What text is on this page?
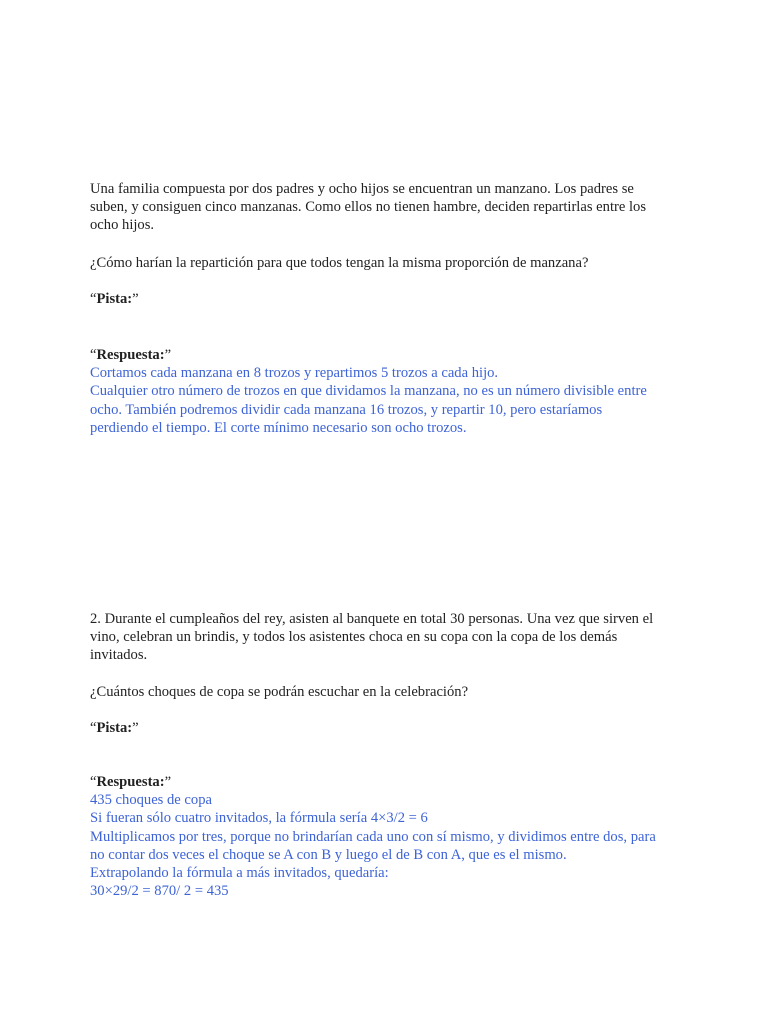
Una familia compuesta por dos padres y ocho hijos se encuentran un manzano. Los padres se
suben, y consiguen cinco manzanas. Como ellos no tienen hambre, deciden repartirlas entre los
ocho hijos.
¿Cómo harían la repartición para que todos tengan la misma proporción de manzana?
“Pista:”
“Respuesta:”
Cortamos cada manzana en 8 trozos y repartimos 5 trozos a cada hijo.
Cualquier otro número de trozos en que dividamos la manzana, no es un número divisible entre
ocho. También podremos dividir cada manzana 16 trozos, y repartir 10, pero estaríamos
perdiendo el tiempo. El corte mínimo necesario son ocho trozos.
2. Durante el cumpleaños del rey, asisten al banquete en total 30 personas. Una vez que sirven el
vino, celebran un brindis, y todos los asistentes choca en su copa con la copa de los demás
invitados.
¿Cuántos choques de copa se podrán escuchar en la celebración?
“Pista:”
“Respuesta:”
435 choques de copa
Si fueran sólo cuatro invitados, la fórmula sería 4×3/2 = 6
Multiplicamos por tres, porque no brindarían cada uno con sí mismo, y dividimos entre dos, para
no contar dos veces el choque se A con B y luego el de B con A, que es el mismo.
Extrapolando la fórmula a más invitados, quedaría:
30×29/2 = 870/ 2 = 435
